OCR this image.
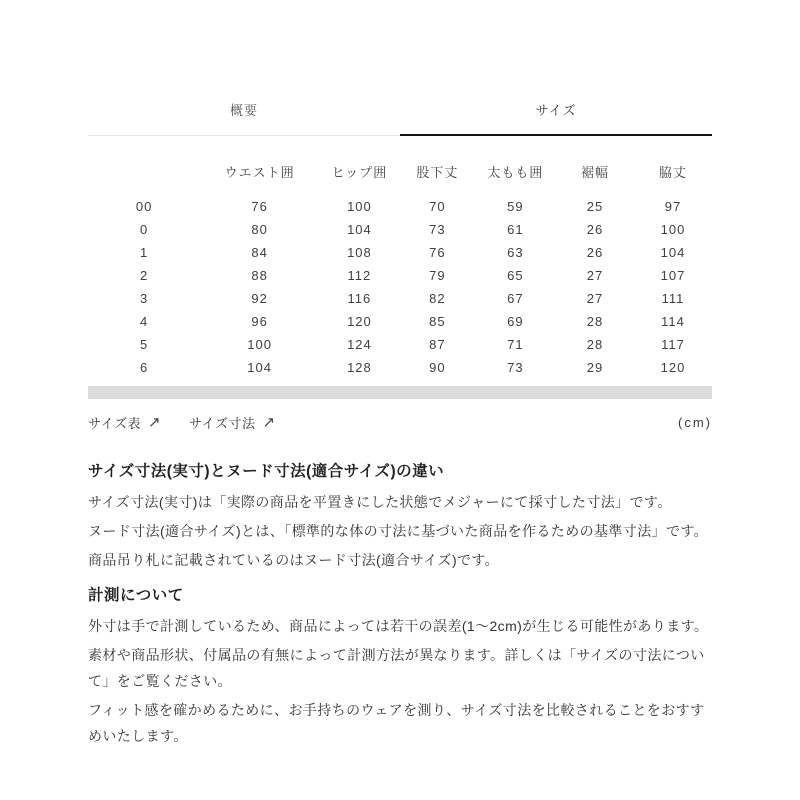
概要	サイズ
	ウエスト囲	ヒップ囲	股下丈	太もも囲	裾幅	脇丈
00	76	100	70	59	25	97
0	80	104	73	61	26	100
1	84	108	76	63	26	104
2	88	112	79	65	27	107
3	92	116	82	67	27	111
4	96	120	85	69	28	114
5	100	124	87	71	28	117
6	104	128	90	73	29	120
サイズ表 ↗ サイズ寸法 ↗	(cm)
サイズ寸法(実寸)とヌード寸法(適合サイズ)の違い

サイズ寸法(実寸)は「実際の商品を平置きにした状態でメジャーにて採寸した寸法」です。

ヌード寸法(適合サイズ)とは、「標準的な体の寸法に基づいた商品を作るための基準寸法」です。

商品吊り札に記載されているのはヌード寸法(適合サイズ)です。

計測について

外寸は手で計測しているため、商品によっては若干の誤差(1〜2cm)が生じる可能性があります。

素材や商品形状、付属品の有無によって計測方法が異なります。詳しくは「サイズの寸法について」をご覧ください。

フィット感を確かめるために、お手持ちのウェアを測り、サイズ寸法を比較されることをおすすめいたします。
